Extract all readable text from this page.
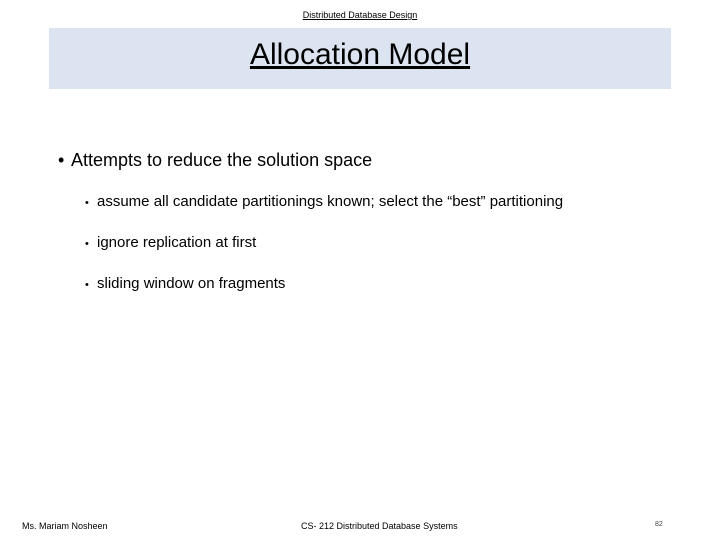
Distributed Database Design
Allocation Model
• Attempts to reduce the solution space
• assume all candidate partitionings known; select the “best” partitioning
• ignore replication at first
• sliding window on fragments
Ms. Mariam Nosheen	CS- 212 Distributed Database Systems	82
